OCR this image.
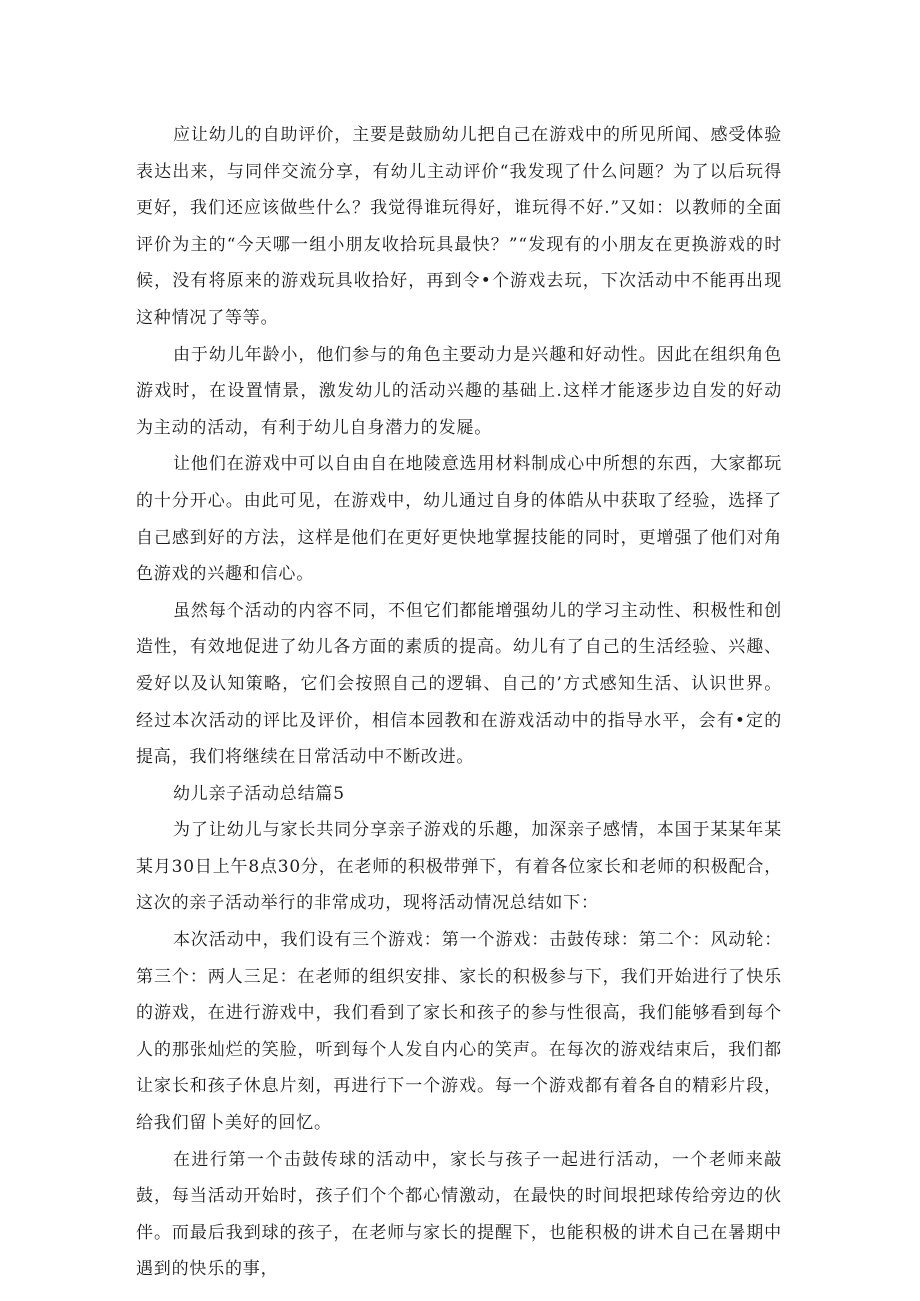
应让幼儿的自助评价，主要是鼓励幼儿把自己在游戏中的所见所闻、感受体验表达出来，与同伴交流分享，有幼儿主动评价“我发现了什么问题？为了以后玩得更好，我们还应该做些什么？我觉得谁玩得好，谁玩得不好.”又如：以教师的全面评价为主的“今天哪一组小朋友收拾玩具最快？”“发现有的小朋友在更换游戏的时候，没有将原来的游戏玩具收拾好，再到令•个游戏去玩，下次活动中不能再出现这种情况了等等。

由于幼儿年龄小，他们参与的角色主要动力是兴趣和好动性。因此在组织角色游戏时，在设置情景，激发幼儿的活动兴趣的基础上.这样才能逐步边自发的好动为主动的活动，有利于幼儿自身潜力的发屣。

让他们在游戏中可以自由自在地陵意选用材料制成心中所想的东西，大家都玩的十分开心。由此可见，在游戏中，幼儿通过自身的体皓从中获取了经验，选择了自己感到好的方法，这样是他们在更好更快地掌握技能的同时，更增强了他们对角色游戏的兴趣和信心。

虽然每个活动的内容不同，不但它们都能增强幼儿的学习主动性、积极性和创造性，有效地促进了幼儿各方面的素质的提高。幼儿有了自己的生活经验、兴趣、爱好以及认知策略，它们会按照自己的逻辑、自己的’方式感知生活、认识世界。经过本次活动的评比及评价，相信本园教和在游戏活动中的指导水平，会有•定的提高，我们将继续在日常活动中不断改进。

幼儿亲子活动总结篇5

为了让幼儿与家长共同分享亲子游戏的乐趣，加深亲子感情，本国于某某年某某月30日上午8点30分，在老师的积极带弹下，有着各位家长和老师的积极配合，这次的亲子活动举行的非常成功，现将活动情况总结如下：

本次活动中，我们设有三个游戏：第一个游戏：击鼓传球：第二个：风动轮：第三个：两人三足：在老师的组织安排、家长的积极参与下，我们开始进行了快乐的游戏，在进行游戏中，我们看到了家长和孩子的参与性很高，我们能够看到每个人的那张灿烂的笑脸，听到每个人发自内心的笑声。在每次的游戏结束后，我们都让家长和孩子休息片刻，再进行下一个游戏。每一个游戏都有着各自的精彩片段，给我们留卜美好的回忆。

在进行第一个击鼓传球的活动中，家长与孩子一起进行活动，一个老师来敲鼓，每当活动开始时，孩子们个个都心情激动，在最快的时间垠把球传给旁边的伙伴。而最后我到球的孩子，在老师与家长的提醒下，也能积极的讲术自己在暑期中遇到的快乐的事，
